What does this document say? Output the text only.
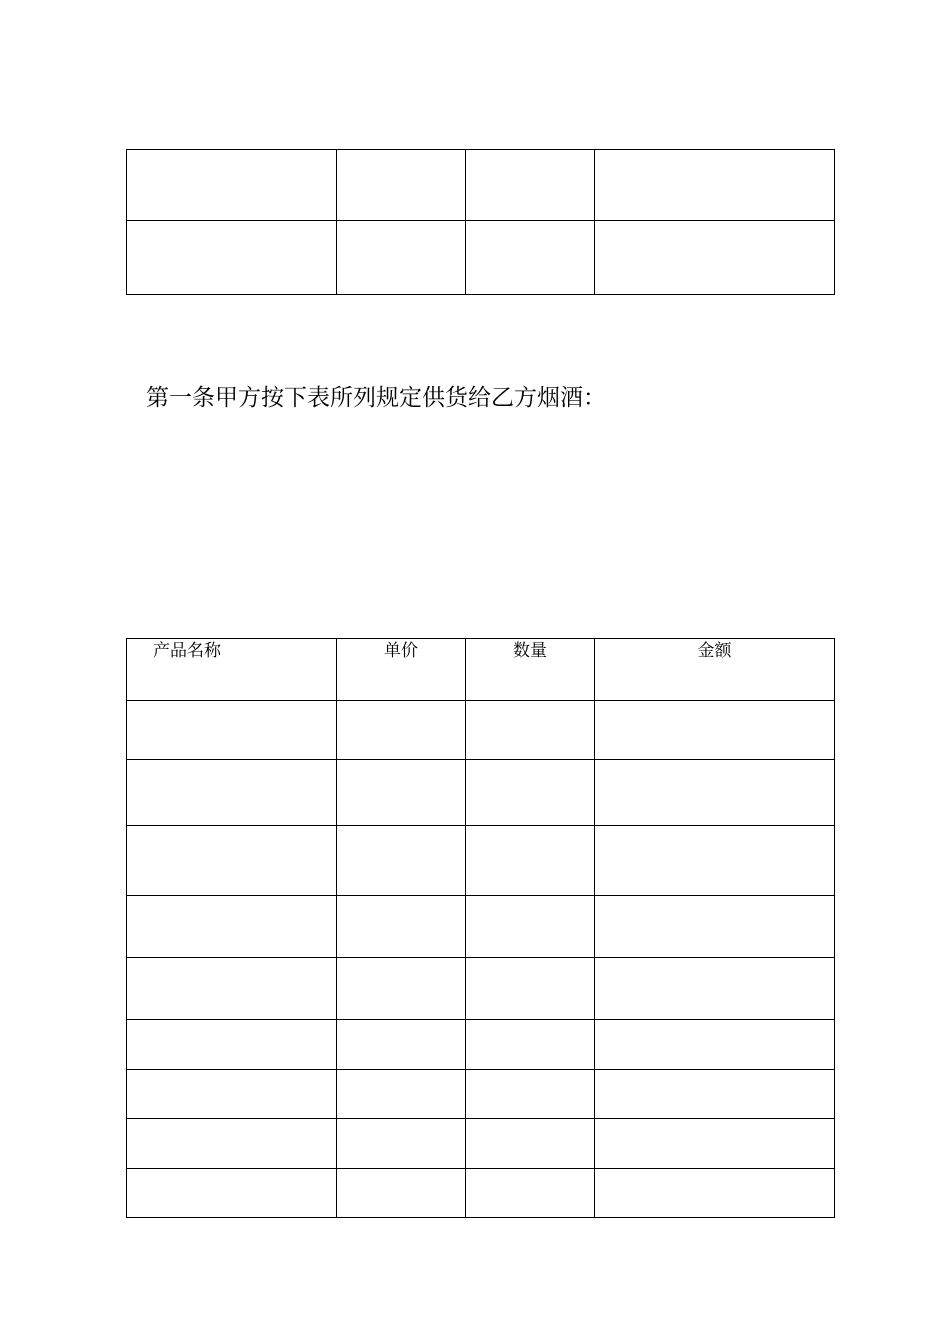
第一条甲方按下表所列规定供货给乙方烟酒：

产品名称	单价	数量	金额
